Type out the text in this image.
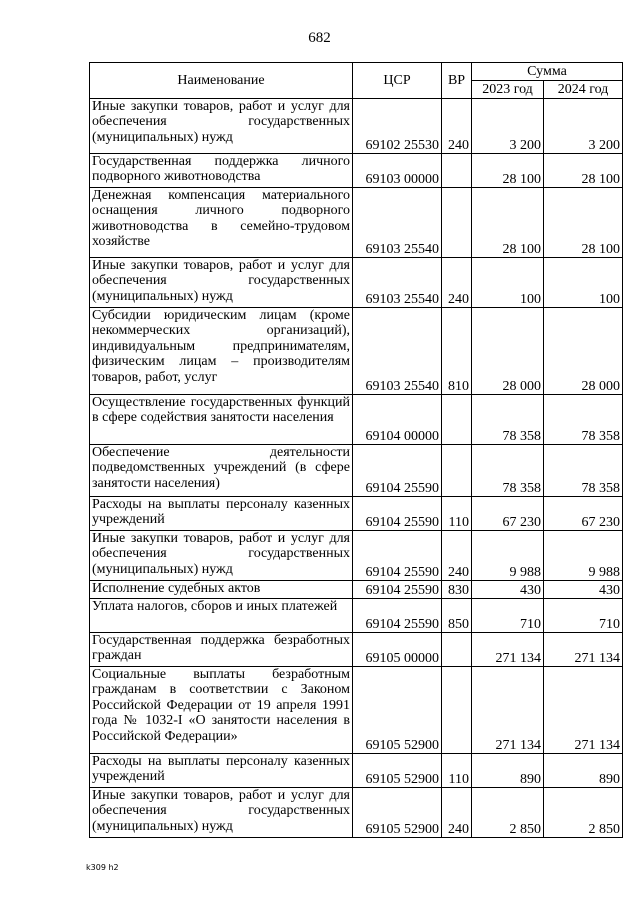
682
Наименование	ЦСР	ВР	Сумма	
			2023 год	2024 год
Иные закупки товаров, работ и услуг для обеспечения государственных (муниципальных) нужд	69102 25530	240	3 200	3 200
Государственная поддержка личного подворного животноводства	69103 00000		28 100	28 100
Денежная компенсация материального оснащения личного подворного животноводства в семейно-трудовом хозяйстве	69103 25540		28 100	28 100
Иные закупки товаров, работ и услуг для обеспечения государственных (муниципальных) нужд	69103 25540	240	100	100
Субсидии юридическим лицам (кроме некоммерческих организаций), индивидуальным предпринимателям, физическим лицам – производителям товаров, работ, услуг	69103 25540	810	28 000	28 000
Осуществление государственных функций в сфере содействия занятости населения	69104 00000		78 358	78 358
Обеспечение деятельности подведомственных учреждений (в сфере занятости населения)	69104 25590		78 358	78 358
Расходы на выплаты персоналу казенных учреждений	69104 25590	110	67 230	67 230
Иные закупки товаров, работ и услуг для обеспечения государственных (муниципальных) нужд	69104 25590	240	9 988	9 988
Исполнение судебных актов	69104 25590	830	430	430
Уплата налогов, сборов и иных платежей	69104 25590	850	710	710
Государственная поддержка безработных граждан	69105 00000		271 134	271 134
Социальные выплаты безработным гражданам в соответствии с Законом Российской Федерации от 19 апреля 1991 года № 1032-I «О занятости населения в Российской Федерации»	69105 52900		271 134	271 134
Расходы на выплаты персоналу казенных учреждений	69105 52900	110	890	890
Иные закупки товаров, работ и услуг для обеспечения государственных (муниципальных) нужд	69105 52900	240	2 850	2 850
k309 h2
